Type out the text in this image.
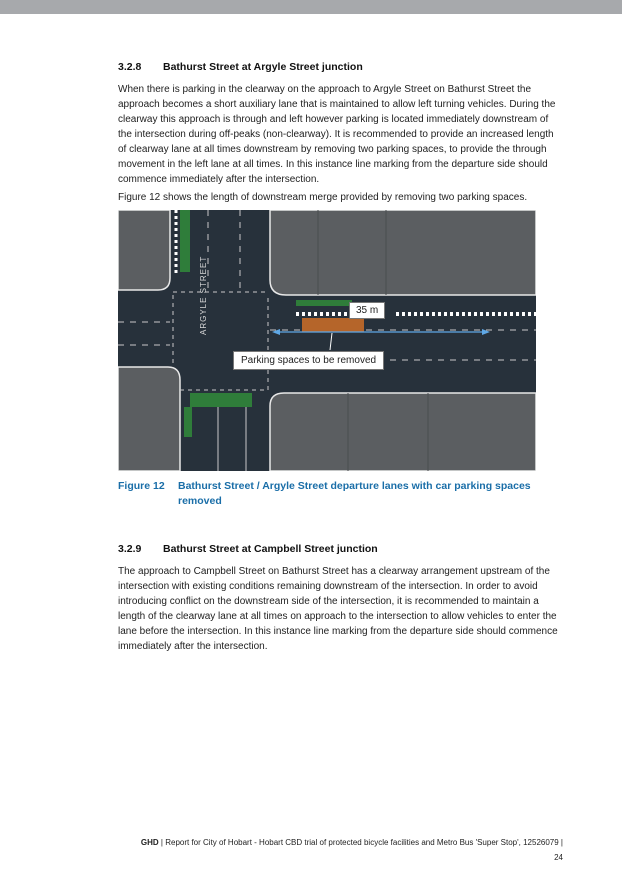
3.2.8 Bathurst Street at Argyle Street junction

When there is parking in the clearway on the approach to Argyle Street on Bathurst Street the approach becomes a short auxiliary lane that is maintained to allow left turning vehicles. During the clearway this approach is through and left however parking is located immediately downstream of the intersection during off-peaks (non-clearway). It is recommended to provide an increased length of clearway lane at all times downstream by removing two parking spaces, to provide the through movement in the left lane at all times. In this instance line marking from the departure side should commence immediately after the intersection.

Figure 12 shows the length of downstream merge provided by removing two parking spaces.

ARGYLE STREET	35 m
Parking spaces to be removed
Figure 12 Bathurst Street / Argyle Street departure lanes with car parking spaces removed
3.2.9 Bathurst Street at Campbell Street junction

The approach to Campbell Street on Bathurst Street has a clearway arrangement upstream of the intersection with existing conditions remaining downstream of the intersection. In order to avoid introducing conflict on the downstream side of the intersection, it is recommended to maintain a length of the clearway lane at all times on approach to the intersection to allow vehicles to enter the lane before the intersection. In this instance line marking from the departure side should commence immediately after the intersection.

GHD | Report for City of Hobart - Hobart CBD trial of protected bicycle facilities and Metro Bus 'Super Stop', 12526079 |
24
